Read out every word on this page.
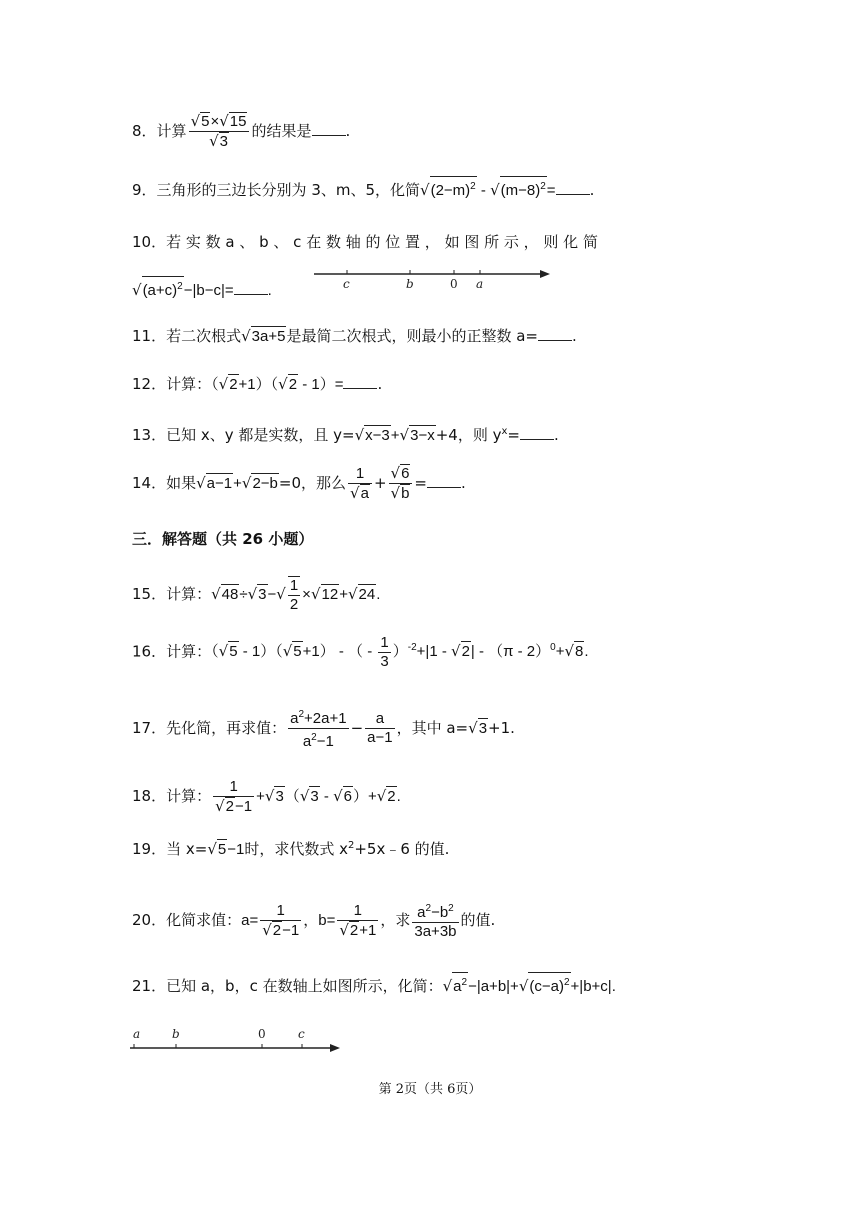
8．计算 $\frac{√5\times√15}{√3}$ 的结果是 .
9．三角形的三边长分别为 3、m、5，化简$√(2-m)^2 - √(m-8)^2=$ .
10．若 实 数 a 、 b 、 c 在 数 轴 的 位 置 ， 如 图 所 示 ， 则 化 简
$√(a+c)^2-|b-c|=$ .	c	b	0 a
11．若二次根式√3a+5是最简二次根式，则最小的正整数 a= .
12．计算：（√2+1）（√2 - 1）= .
13．已知 x、y 都是实数，且 y=√x−3+√3−x+4，则 $y^x=$ .
14．如果√a−1+√2−b=0，那么 $\frac{1}{√a} + \frac{√6}{√b}$ = .
三．解答题（共 26 小题）
15．计算：$√48\div√3-√ \frac{1}{2} \times√12+√24$.
16．计算：（√5 - 1）（√5+1） - （ - $\frac{1}{3} )^{-2}+|1 - √2| - (\pi - 2)^0+√8$.
17．先化简，再求值： $\frac{a^2+2a+1}{a^2-1} - \frac{a}{a-1}$ ，其中 a=√3+1.
18．计算： $\frac{1}{√2-1} +√3(√3 - √6)+√2$.
19．当 x=√5−1时，求代数式 $x^2+5x﹣6$ 的值.
20．化简求值：$a= \frac{1}{√2-1}$ ，$b= \frac{1}{√2+1}$ ，求 $\frac{a^2-b^2}{3a+3b}$ 的值.
21．已知 a，b，c 在数轴上如图所示，化简：$√a^2-|a+b|+√(c-a)^2+|b+c|$.
a	b	0	c
第 2页（共 6页）
